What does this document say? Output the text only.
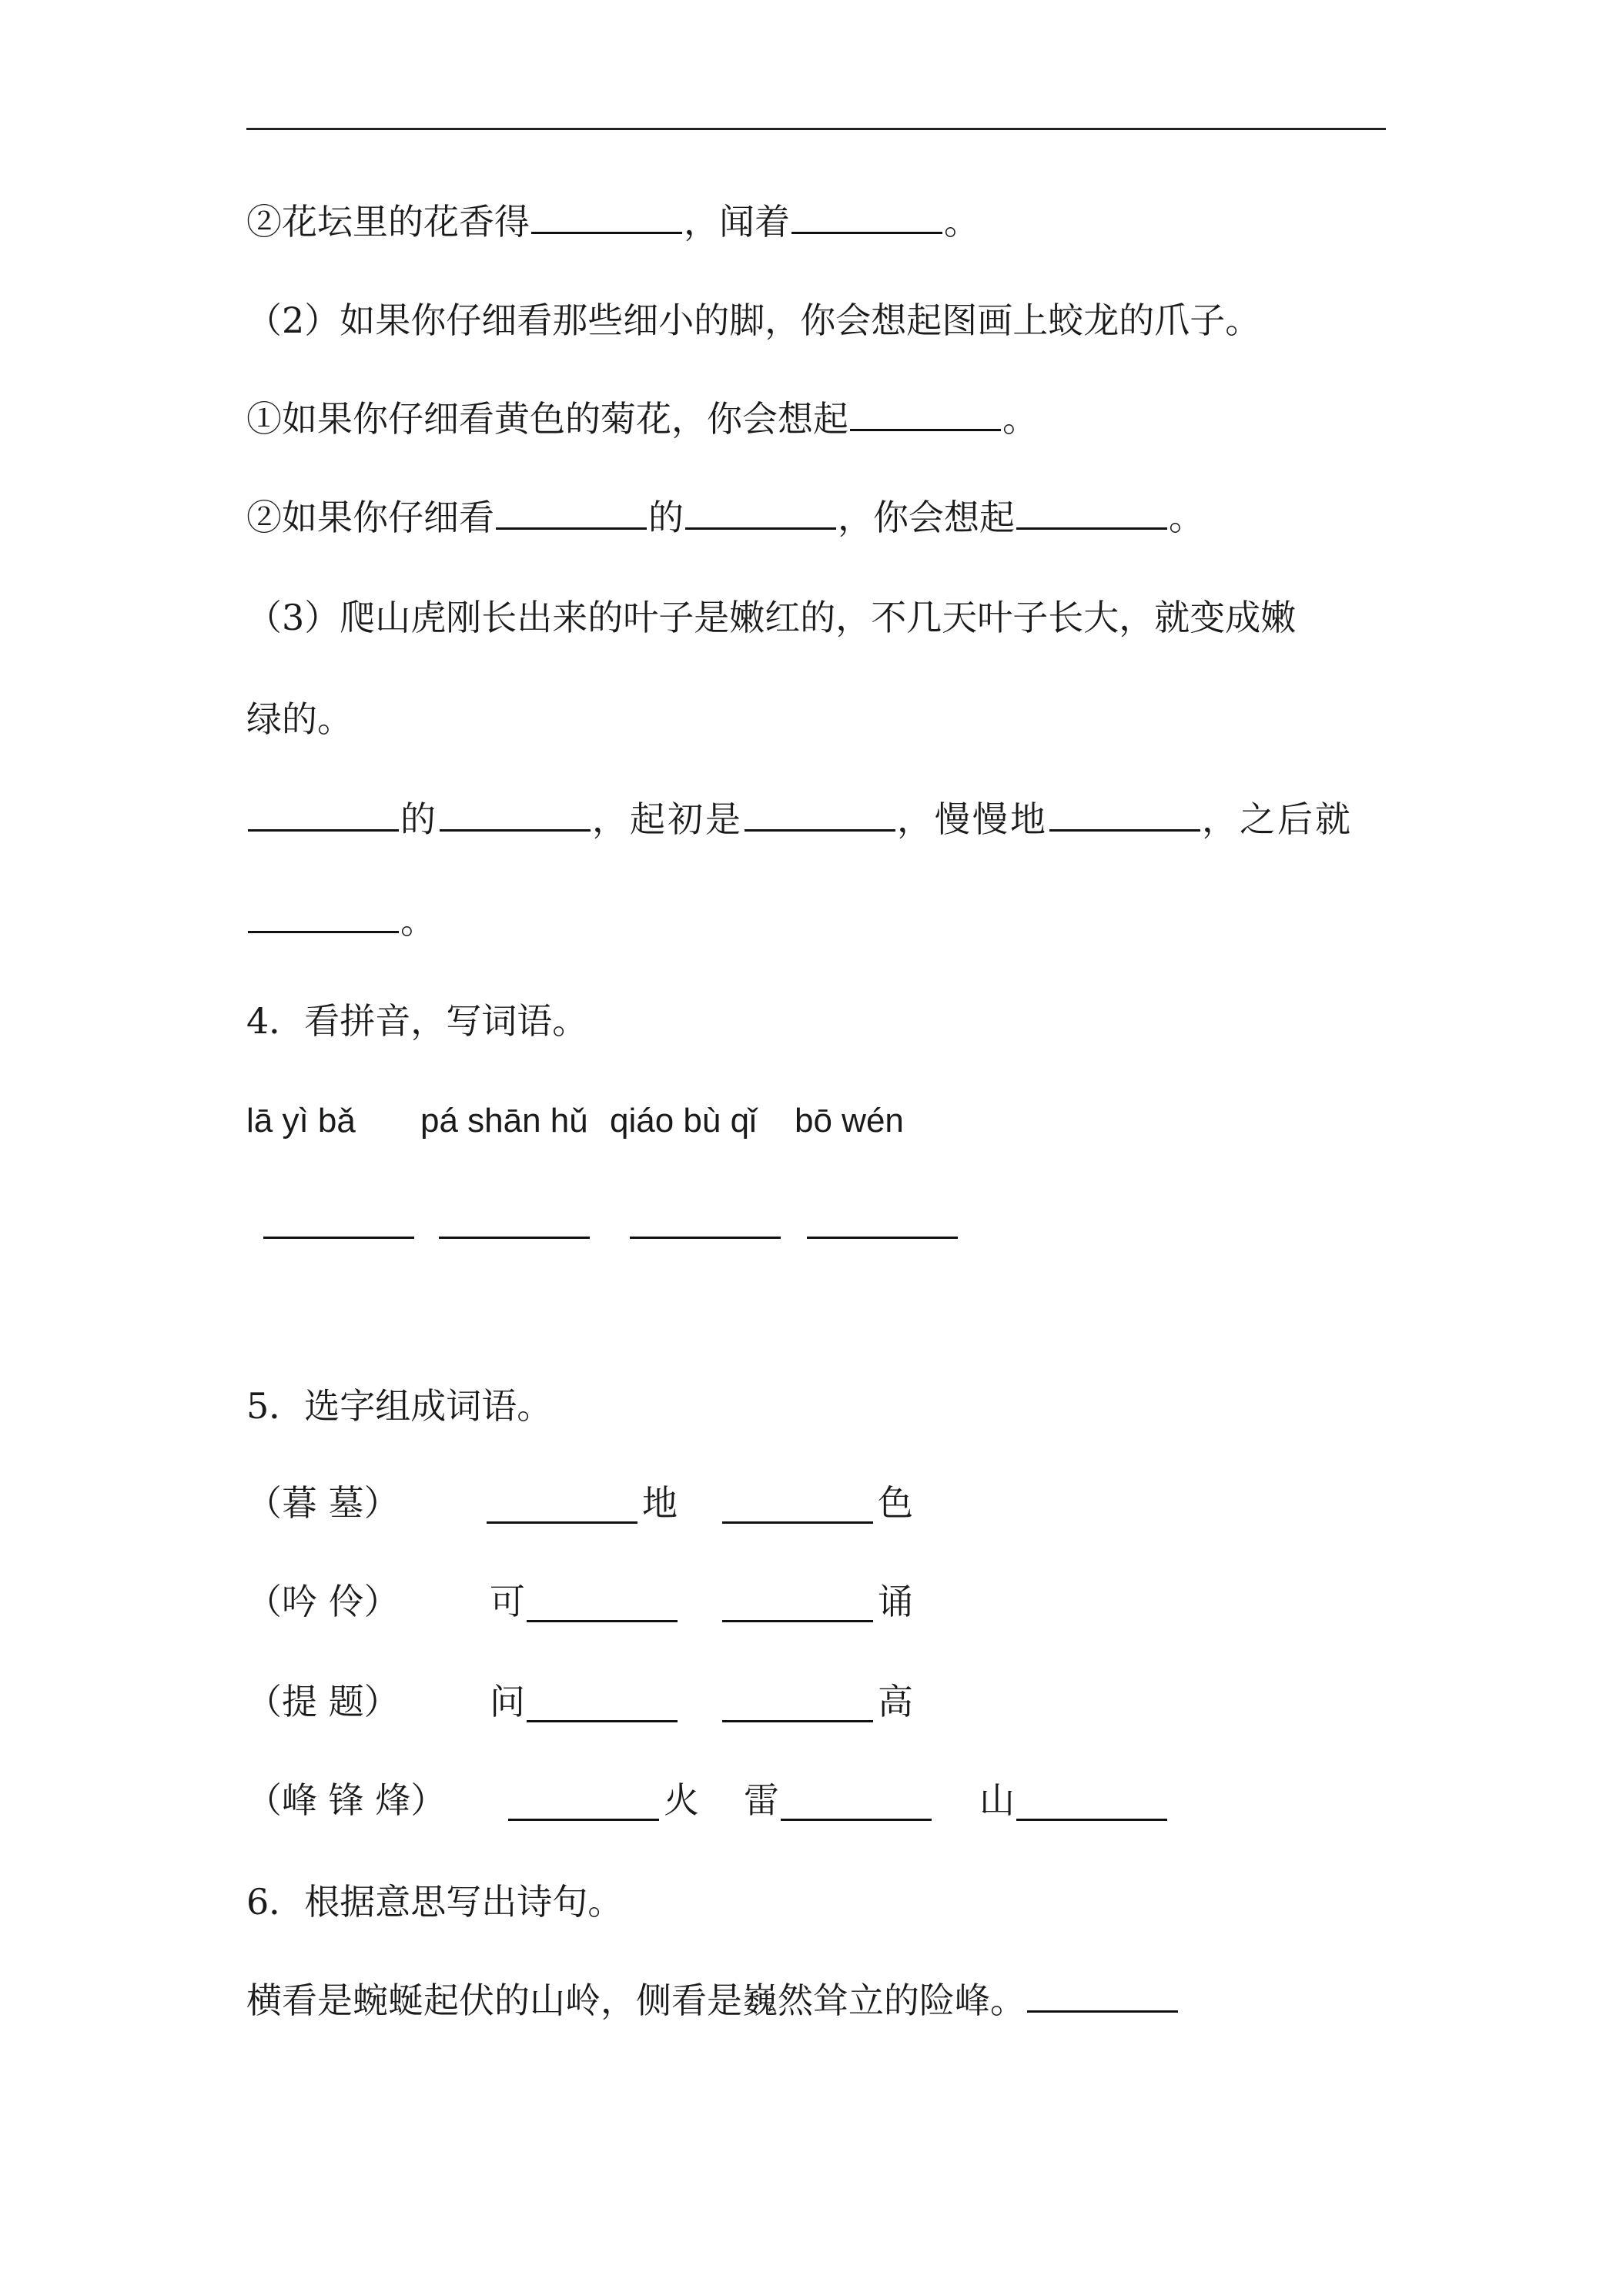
②花坛里的花香得	，闻着	。
（2）如果你仔细看那些细小的脚，你会想起图画上蛟龙的爪子。
①如果你仔细看黄色的菊花，你会想起	。
②如果你仔细看	的	，你会想起	。
（3）爬山虎刚长出来的叶子是嫩红的，不几天叶子长大，就变成嫩
绿的。
的	，起初是	，慢慢地	，之后就
。
4．看拼音，写词语。
lā yì bǎ pá shān hǔ qiáo bù qǐ bō wén
5．选字组成词语。
（暮 墓）	地	色
（吟 伶）	可	诵
（提 题）	问	高
（峰 锋 烽）	火 雷	山
6．根据意思写出诗句。
横看是蜿蜒起伏的山岭，侧看是巍然耸立的险峰。
